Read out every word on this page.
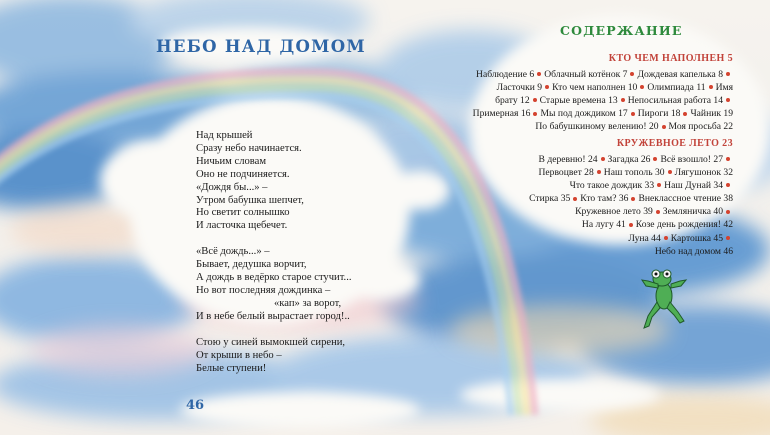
НЕБО НАД ДОМОМ
Над крышей
Сразу небо начинается.
Ничьим словам
Оно не подчиняется.
«Дождя бы...» –
Утром бабушка шепчет,
Но светит солнышко
И ласточка щебечет.
«Всё дождь...» –
Бывает, дедушка ворчит,
А дождь в ведёрко старое стучит...
Но вот последняя дождинка –
«кап» за ворот,
И в небе белый вырастает город!..
Стою у синей вымокшей сирени,
От крыши в небо –
Белые ступени!
46
СОДЕРЖАНИЕ
КТО ЧЕМ НАПОЛНЕН 5
Наблюдение 6 Облачный котёнок 7 Дождевая капелька 8
Ласточки 9 Кто чем наполнен 10 Олимпиада 11 Имя
брату 12 Старые времена 13 Непосильная работа 14
Примерная 16 Мы под дождиком 17 Пироги 18 Чайник 19
По бабушкиному велению! 20 Моя просьба 22
КРУЖЕВНОЕ ЛЕТО 23
В деревню! 24 Загадка 26 Всё взошло! 27
Первоцвет 28 Наш тополь 30 Лягушонок 32
Что такое дождик 33 Наш Дунай 34
Стирка 35 Кто там? 36 Внеклассное чтение 38
Кружевное лето 39 Земляничка 40
На лугу 41 Козе день рождения! 42
Луна 44 Картошка 45
Небо над домом 46
